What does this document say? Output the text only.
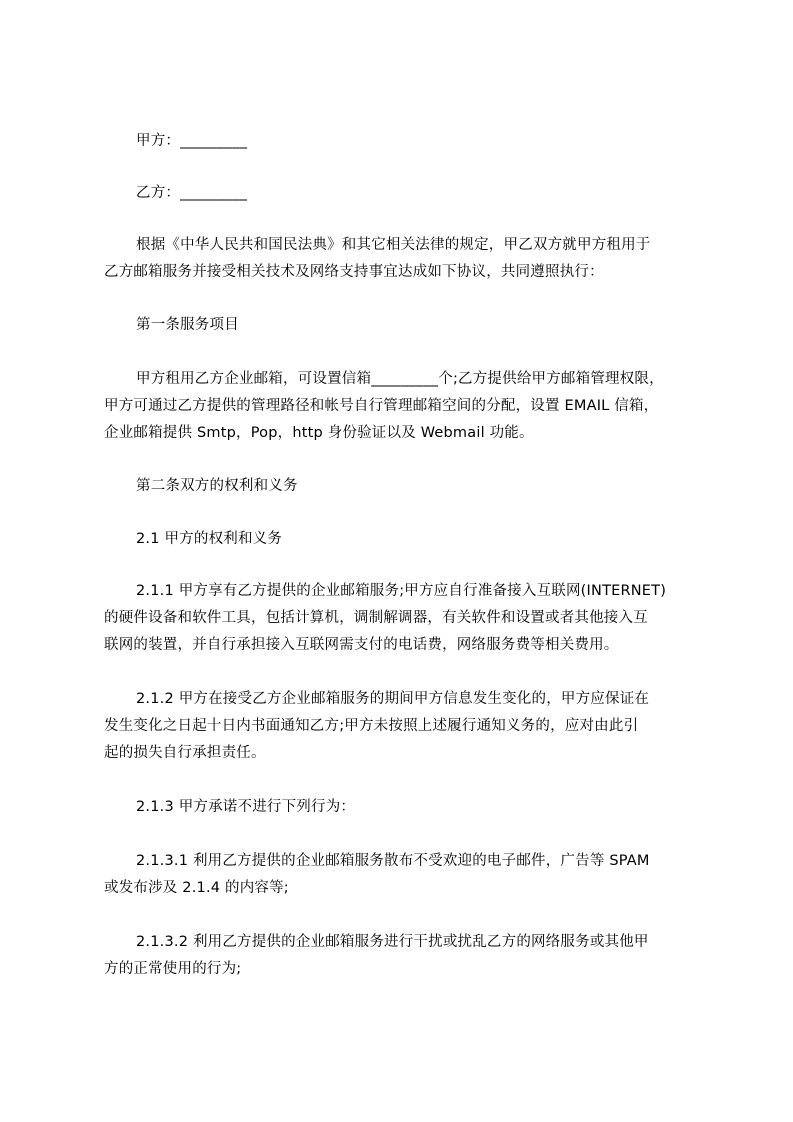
甲方：_________

乙方：_________

根据《中华人民共和国民法典》和其它相关法律的规定，甲乙双方就甲方租用于
乙方邮箱服务并接受相关技术及网络支持事宜达成如下协议，共同遵照执行：

第一条服务项目

甲方租用乙方企业邮箱，可设置信箱_________个;乙方提供给甲方邮箱管理权限，
甲方可通过乙方提供的管理路径和帐号自行管理邮箱空间的分配，设置 EMAIL 信箱，
企业邮箱提供 Smtp，Pop，http 身份验证以及 Webmail 功能。

第二条双方的权利和义务

2.1 甲方的权利和义务

2.1.1 甲方享有乙方提供的企业邮箱服务;甲方应自行准备接入互联网(INTERNET)
的硬件设备和软件工具，包括计算机，调制解调器，有关软件和设置或者其他接入互
联网的装置，并自行承担接入互联网需支付的电话费，网络服务费等相关费用。

2.1.2 甲方在接受乙方企业邮箱服务的期间甲方信息发生变化的，甲方应保证在
发生变化之日起十日内书面通知乙方;甲方未按照上述履行通知义务的，应对由此引
起的损失自行承担责任。

2.1.3 甲方承诺不进行下列行为：

2.1.3.1 利用乙方提供的企业邮箱服务散布不受欢迎的电子邮件，广告等 SPAM
或发布涉及 2.1.4 的内容等;

2.1.3.2 利用乙方提供的企业邮箱服务进行干扰或扰乱乙方的网络服务或其他甲
方的正常使用的行为;
